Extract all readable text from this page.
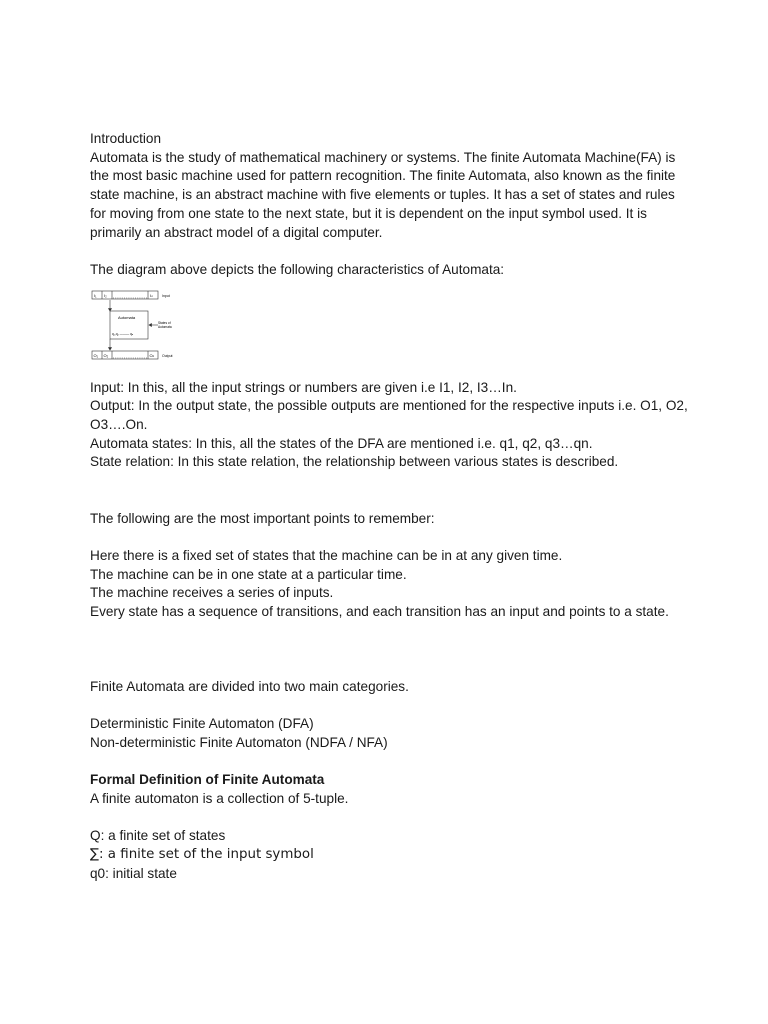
Introduction

Automata is the study of mathematical machinery or systems. The finite Automata Machine(FA) is the most basic machine used for pattern recognition. The finite Automata, also known as the finite state machine, is an abstract machine with five elements or tuples. It has a set of states and rules for moving from one state to the next state, but it is dependent on the input symbol used. It is primarily an abstract model of a digital computer.

The diagram above depicts the following characteristics of Automata:

I₁ I₂	Iₙ	Input
Automata
q₁,q₂ ——— qₙ
States of
Automata
O₁ O₂	Oₙ Output

Input: In this, all the input strings or numbers are given i.e I1, I2, I3…In.

Output: In the output state, the possible outputs are mentioned for the respective inputs i.e. O1, O2, O3….On.

Automata states: In this, all the states of the DFA are mentioned i.e. q1, q2, q3…qn.

State relation: In this state relation, the relationship between various states is described.

The following are the most important points to remember:

Here there is a fixed set of states that the machine can be in at any given time.

The machine can be in one state at a particular time.

The machine receives a series of inputs.

Every state has a sequence of transitions, and each transition has an input and points to a state.

Finite Automata are divided into two main categories.

Deterministic Finite Automaton (DFA)

Non-deterministic Finite Automaton (NDFA / NFA)

Formal Definition of Finite Automata

A finite automaton is a collection of 5-tuple.

Q: a finite set of states

∑: a finite set of the input symbol

q0: initial state
